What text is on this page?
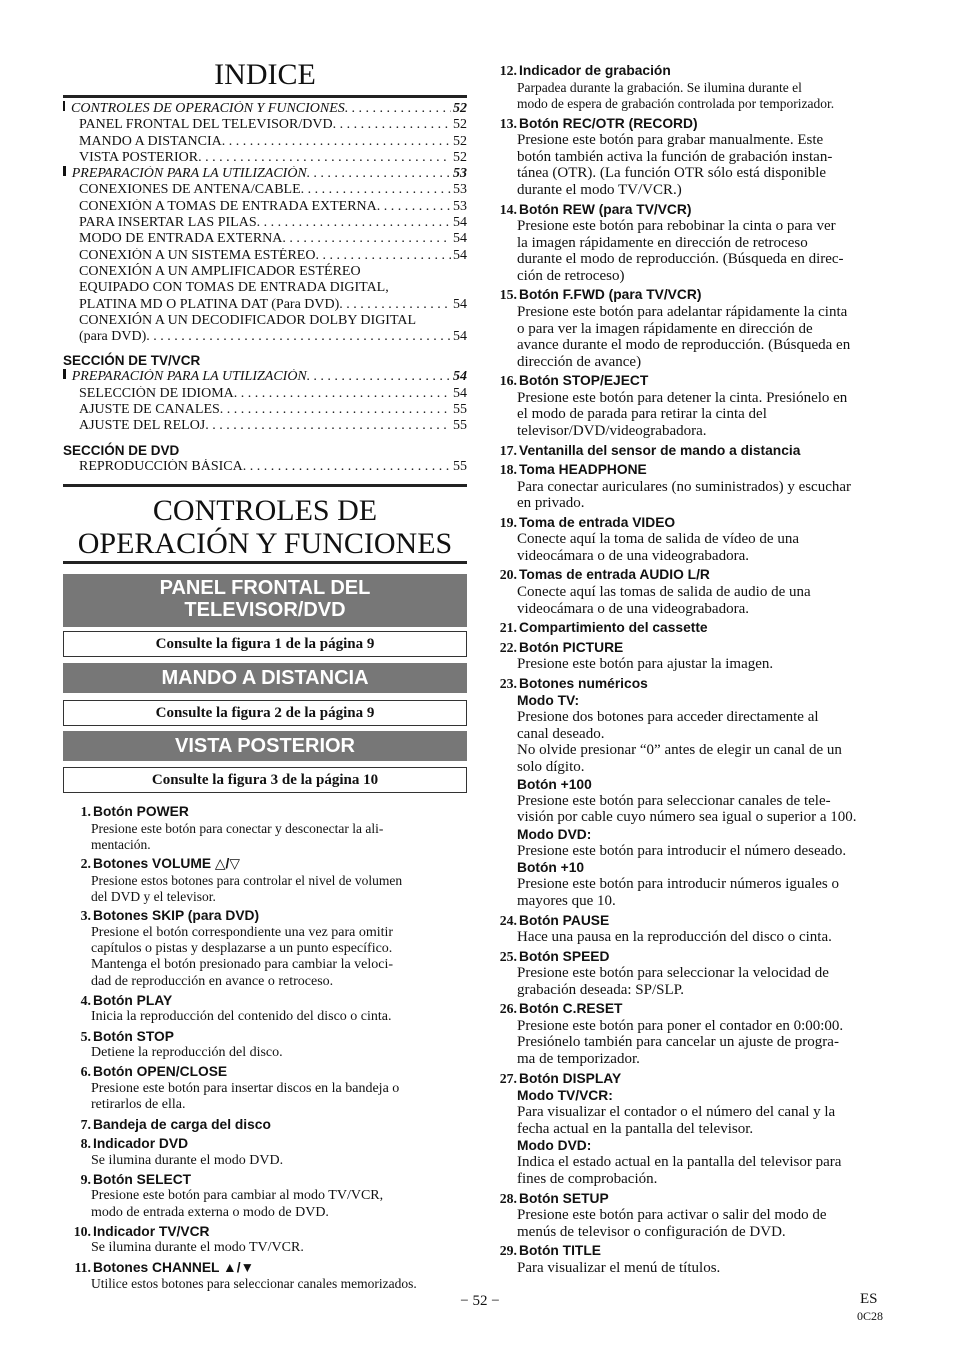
INDICE
CONTROLES DE OPERACIÓN Y FUNCIONES . . .	52
PANEL FRONTAL DEL TELEVISOR/DVD . . .	52
MANDO A DISTANCIA . . .	52
VISTA POSTERIOR . . .	52
PREPARACIÓN PARA LA UTILIZACIÓN . . .	53
CONEXIONES DE ANTENA/CABLE . . .	53
CONEXIÓN A TOMAS DE ENTRADA EXTERNA . . .	53
PARA INSERTAR LAS PILAS . . .	54
MODO DE ENTRADA EXTERNA . . .	54
CONEXIÓN A UN SISTEMA ESTÉREO . . .	54
CONEXIÓN A UN AMPLIFICADOR ESTÉREO
EQUIPADO CON TOMAS DE ENTRADA DIGITAL,
PLATINA MD O PLATINA DAT (Para DVD) . . .	54
CONEXIÓN A UN DECODIFICADOR DOLBY DIGITAL
(para DVD) . . .	54
SECCIÓN DE TV/VCR
PREPARACIÓN PARA LA UTILIZACIÓN . . .	54
SELECCIÓN DE IDIOMA . . .	54
AJUSTE DE CANALES . . .	55
AJUSTE DEL RELOJ . . .	55
SECCIÓN DE DVD
REPRODUCCIÓN BÁSICA . . .	55
CONTROLES DE
OPERACIÓN Y FUNCIONES
PANEL FRONTAL DEL
TELEVISOR/DVD
Consulte la figura 1 de la página 9
MANDO A DISTANCIA
Consulte la figura 2 de la página 9
VISTA POSTERIOR
Consulte la figura 3 de la página 10
1. Botón POWER
Presione este botón para conectar y desconectar la ali-
mentación.
2. Botones VOLUME △/▽
Presione estos botones para controlar el nivel de volumen
del DVD y el televisor.
3. Botones SKIP (para DVD)
Presione el botón correspondiente una vez para omitir
capítulos o pistas y desplazarse a un punto específico.
Mantenga el botón presionado para cambiar la veloci-
dad de reproducción en avance o retroceso.
4. Botón PLAY
Inicia la reproducción del contenido del disco o cinta.
5. Botón STOP
Detiene la reproducción del disco.
6. Botón OPEN/CLOSE
Presione este botón para insertar discos en la bandeja o
retirarlos de ella.
7. Bandeja de carga del disco
8. Indicador DVD
Se ilumina durante el modo DVD.
9. Botón SELECT
Presione este botón para cambiar al modo TV/VCR,
modo de entrada externa o modo de DVD.
10. Indicador TV/VCR
Se ilumina durante el modo TV/VCR.
11. Botones CHANNEL ▲/▼
Utilice estos botones para seleccionar canales memorizados.
12. Indicador de grabación
Parpadea durante la grabación. Se ilumina durante el
modo de espera de grabación controlada por temporizador.
13. Botón REC/OTR (RECORD)
Presione este botón para grabar manualmente. Este
botón también activa la función de grabación instan-
tánea (OTR). (La función OTR sólo está disponible
durante el modo TV/VCR.)
14. Botón REW (para TV/VCR)
Presione este botón para rebobinar la cinta o para ver
la imagen rápidamente en dirección de retroceso
durante el modo de reproducción. (Búsqueda en direc-
ción de retroceso)
15. Botón F.FWD (para TV/VCR)
Presione este botón para adelantar rápidamente la cinta
o para ver la imagen rápidamente en dirección de
avance durante el modo de reproducción. (Búsqueda en
dirección de avance)
16. Botón STOP/EJECT
Presione este botón para detener la cinta. Presiónelo en
el modo de parada para retirar la cinta del
televisor/DVD/videograbadora.
17. Ventanilla del sensor de mando a distancia
18. Toma HEADPHONE
Para conectar auriculares (no suministrados) y escuchar
en privado.
19. Toma de entrada VIDEO
Conecte aquí la toma de salida de vídeo de una
videocámara o de una videograbadora.
20. Tomas de entrada AUDIO L/R
Conecte aquí las tomas de salida de audio de una
videocámara o de una videograbadora.
21. Compartimiento del cassette
22. Botón PICTURE
Presione este botón para ajustar la imagen.
23. Botones numéricos
Modo TV:
Presione dos botones para acceder directamente al
canal deseado.
No olvide presionar “0” antes de elegir un canal de un
solo dígito.
Botón +100
Presione este botón para seleccionar canales de tele-
visión por cable cuyo número sea igual o superior a 100.
Modo DVD:
Presione este botón para introducir el número deseado.
Botón +10
Presione este botón para introducir números iguales o
mayores que 10.
24. Botón PAUSE
Hace una pausa en la reproducción del disco o cinta.
25. Botón SPEED
Presione este botón para seleccionar la velocidad de
grabación deseada: SP/SLP.
26. Botón C.RESET
Presione este botón para poner el contador en 0:00:00.
Presiónelo también para cancelar un ajuste de progra-
ma de temporizador.
27. Botón DISPLAY
Modo TV/VCR:
Para visualizar el contador o el número del canal y la
fecha actual en la pantalla del televisor.
Modo DVD:
Indica el estado actual en la pantalla del televisor para
fines de comprobación.
28. Botón SETUP
Presione este botón para activar o salir del modo de
menús de televisor o configuración de DVD.
29. Botón TITLE
Para visualizar el menú de títulos.
− 52 −	ES
0C28
